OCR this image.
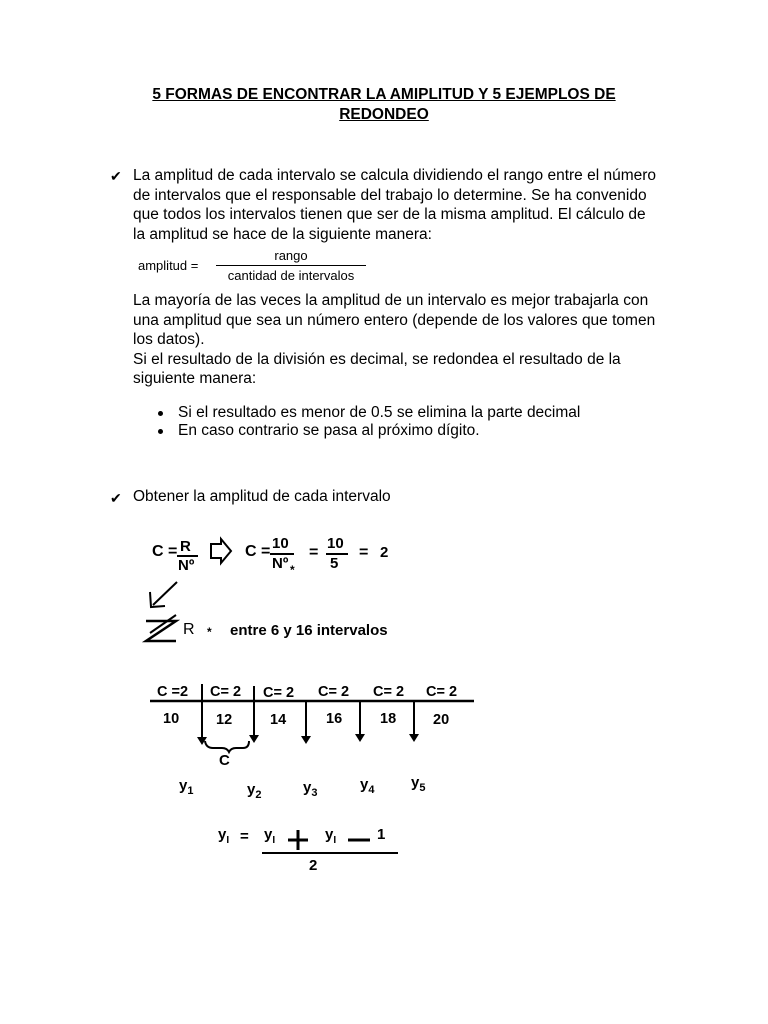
5 FORMAS DE ENCONTRAR LA AMIPLITUD Y 5 EJEMPLOS DE
REDONDEO
✔ La amplitud de cada intervalo se calcula dividiendo el rango entre el número
de intervalos que el responsable del trabajo lo determine. Se ha convenido
que todos los intervalos tienen que ser de la misma amplitud. El cálculo de
la amplitud se hace de la siguiente manera:
amplitud =
rango
cantidad de intervalos
La mayoría de las veces la amplitud de un intervalo es mejor trabajarla con
una amplitud que sea un número entero (depende de los valores que tomen
los datos).
Si el resultado de la división es decimal, se redondea el resultado de la
siguiente manera:
Si el resultado es menor de 0.5 se elimina la parte decimal
En caso contrario se pasa al próximo dígito.
✔ Obtener la amplitud de cada intervalo
C = R
Nº
C = 10
Nº *
=
10
5
= 2
R * entre 6 y 16 intervalos
C =2 C= 2 C= 2 C= 2 C= 2 C= 2
10	12	14	16	18	20
C
$y_1$	$y_2$	$y_3$	$y_4$ $y_5$
$y_I = y_I$	$y_I$	1
2
